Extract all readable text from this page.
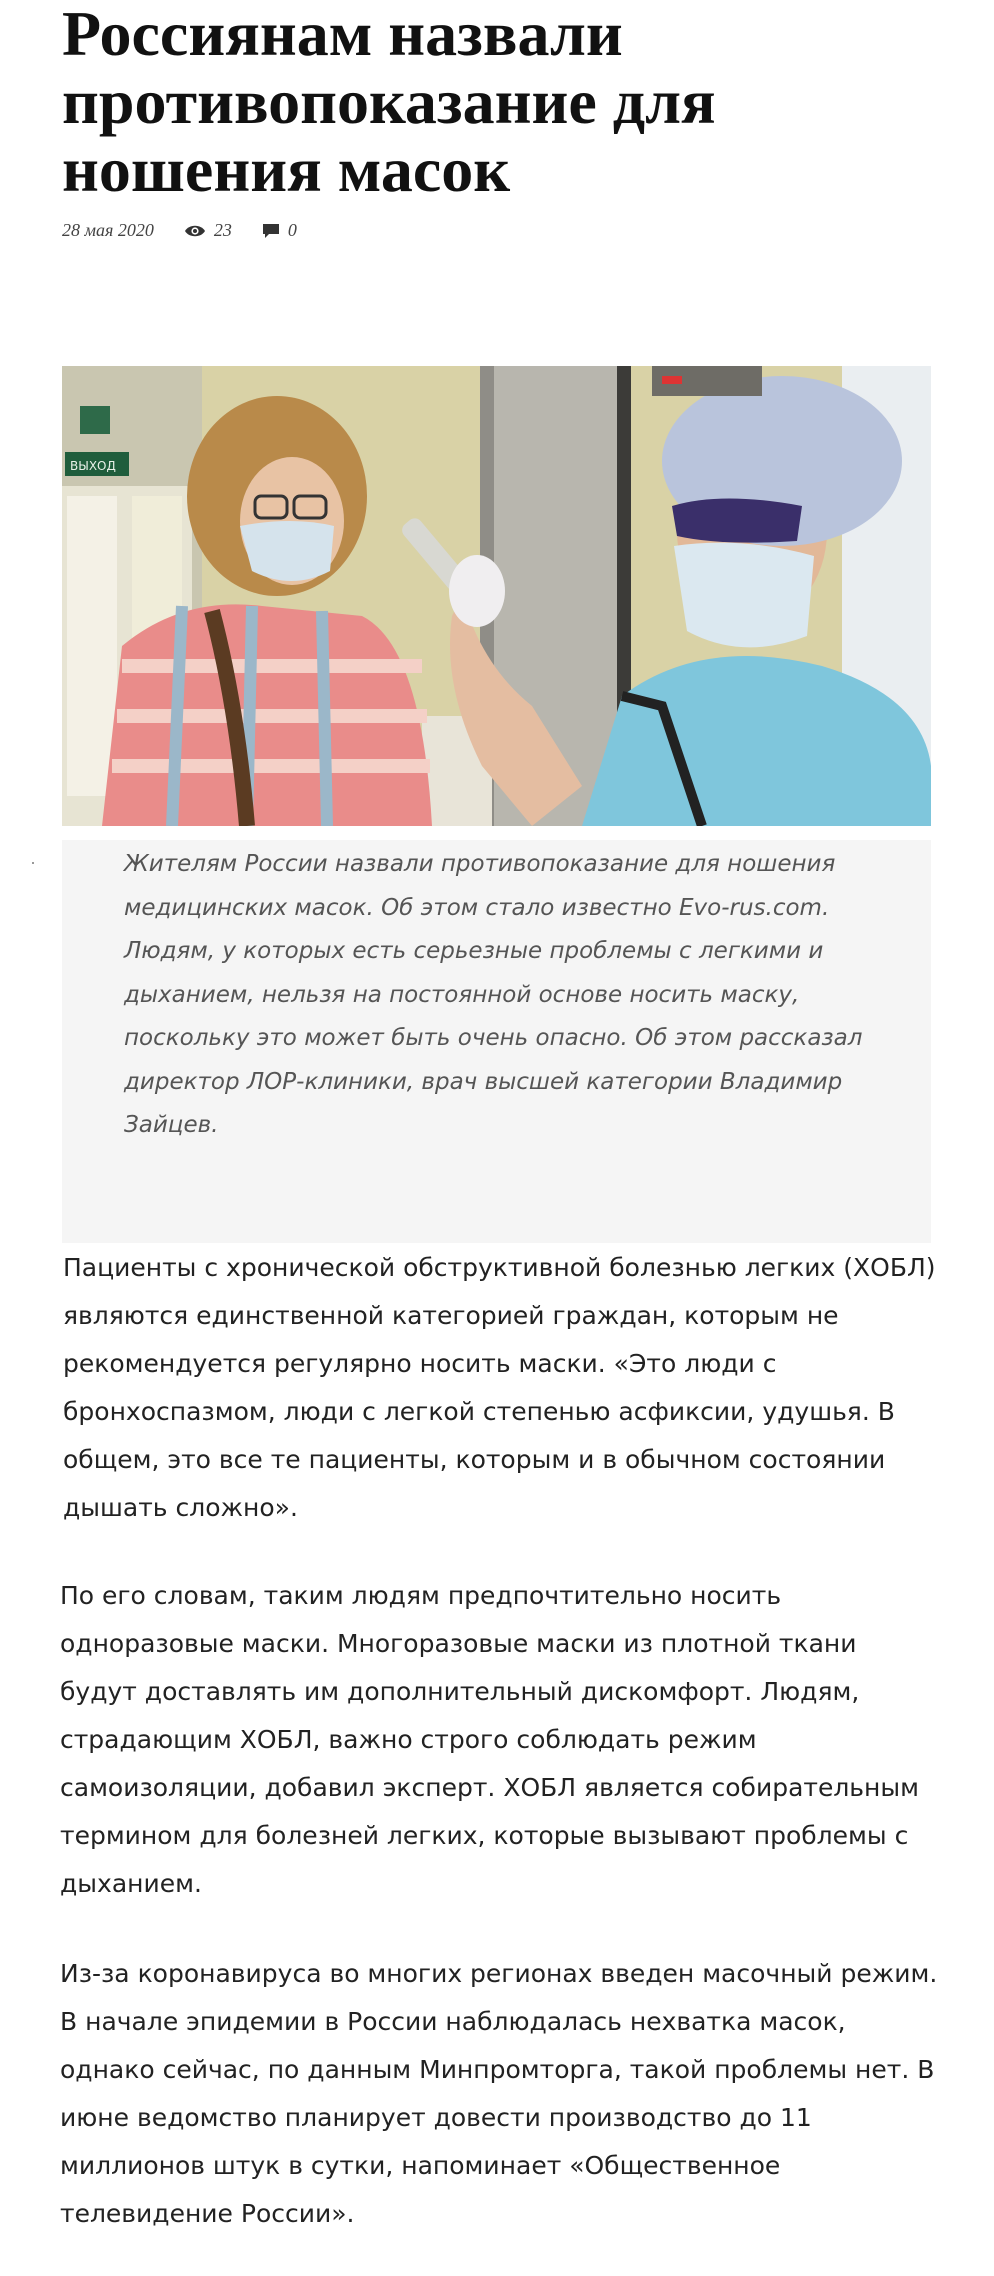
Россиянам назвали противопоказание для ношения масок
28 мая 2020	23	0
ВЫХОД

Жителям России назвали противопоказание для ношения медицинских масок. Об этом стало известно Evo-rus.com. Людям, у которых есть серьезные проблемы с легкими и дыханием, нельзя на постоянной основе носить маску, поскольку это может быть очень опасно. Об этом рассказал директор ЛОР-клиники, врач высшей категории Владимир Зайцев.

Пациенты с хронической обструктивной болезнью легких (ХОБЛ) являются единственной категорией граждан, которым не рекомендуется регулярно носить маски. «Это люди с бронхоспазмом, люди с легкой степенью асфиксии, удушья. В общем, это все те пациенты, которым и в обычном состоянии дышать сложно».

По его словам, таким людям предпочтительно носить одноразовые маски. Многоразовые маски из плотной ткани будут доставлять им дополнительный дискомфорт. Людям, страдающим ХОБЛ, важно строго соблюдать режим самоизоляции, добавил эксперт. ХОБЛ является собирательным термином для болезней легких, которые вызывают проблемы с дыханием.

Из-за коронавируса во многих регионах введен масочный режим. В начале эпидемии в России наблюдалась нехватка масок, однако сейчас, по данным Минпромторга, такой проблемы нет. В июне ведомство планирует довести производство до 11 миллионов штук в сутки, напоминает «Общественное телевидение России».
